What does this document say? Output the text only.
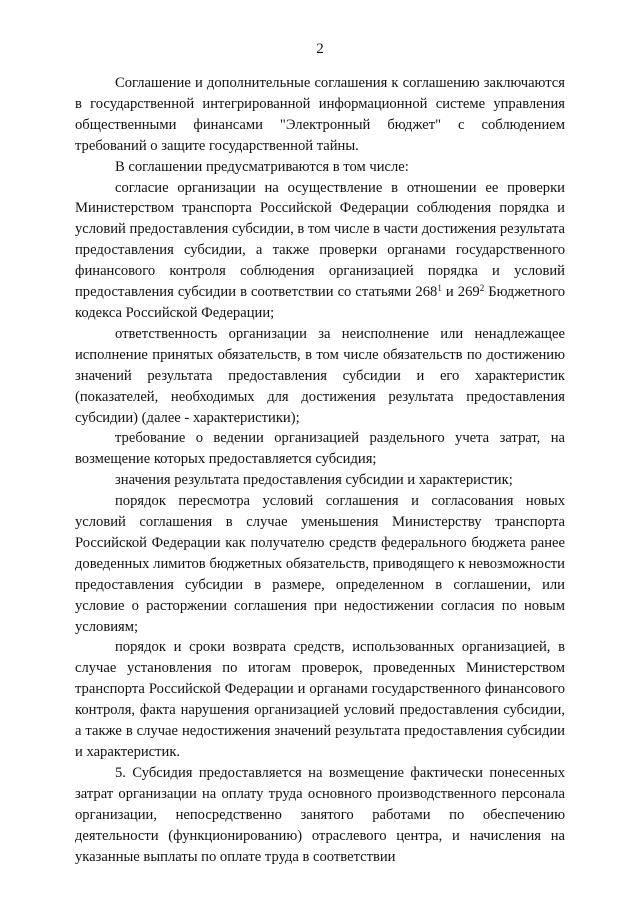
2

Соглашение и дополнительные соглашения к соглашению заключаются в государственной интегрированной информационной системе управления общественными финансами "Электронный бюджет" с соблюдением требований о защите государственной тайны.

В соглашении предусматриваются в том числе:

согласие организации на осуществление в отношении ее проверки Министерством транспорта Российской Федерации соблюдения порядка и условий предоставления субсидии, в том числе в части достижения результата предоставления субсидии, а также проверки органами государственного финансового контроля соблюдения организацией порядка и условий предоставления субсидии в соответствии со статьями $268^1$ и $269^2$ Бюджетного кодекса Российской Федерации;

ответственность организации за неисполнение или ненадлежащее исполнение принятых обязательств, в том числе обязательств по достижению значений результата предоставления субсидии и его характеристик (показателей, необходимых для достижения результата предоставления субсидии) (далее - характеристики);

требование о ведении организацией раздельного учета затрат, на возмещение которых предоставляется субсидия;

значения результата предоставления субсидии и характеристик;

порядок пересмотра условий соглашения и согласования новых условий соглашения в случае уменьшения Министерству транспорта Российской Федерации как получателю средств федерального бюджета ранее доведенных лимитов бюджетных обязательств, приводящего к невозможности предоставления субсидии в размере, определенном в соглашении, или условие о расторжении соглашения при недостижении согласия по новым условиям;

порядок и сроки возврата средств, использованных организацией, в случае установления по итогам проверок, проведенных Министерством транспорта Российской Федерации и органами государственного финансового контроля, факта нарушения организацией условий предоставления субсидии, а также в случае недостижения значений результата предоставления субсидии и характеристик.

5. Субсидия предоставляется на возмещение фактически понесенных затрат организации на оплату труда основного производственного персонала организации, непосредственно занятого работами по обеспечению деятельности (функционированию) отраслевого центра, и начисления на указанные выплаты по оплате труда в соответствии
